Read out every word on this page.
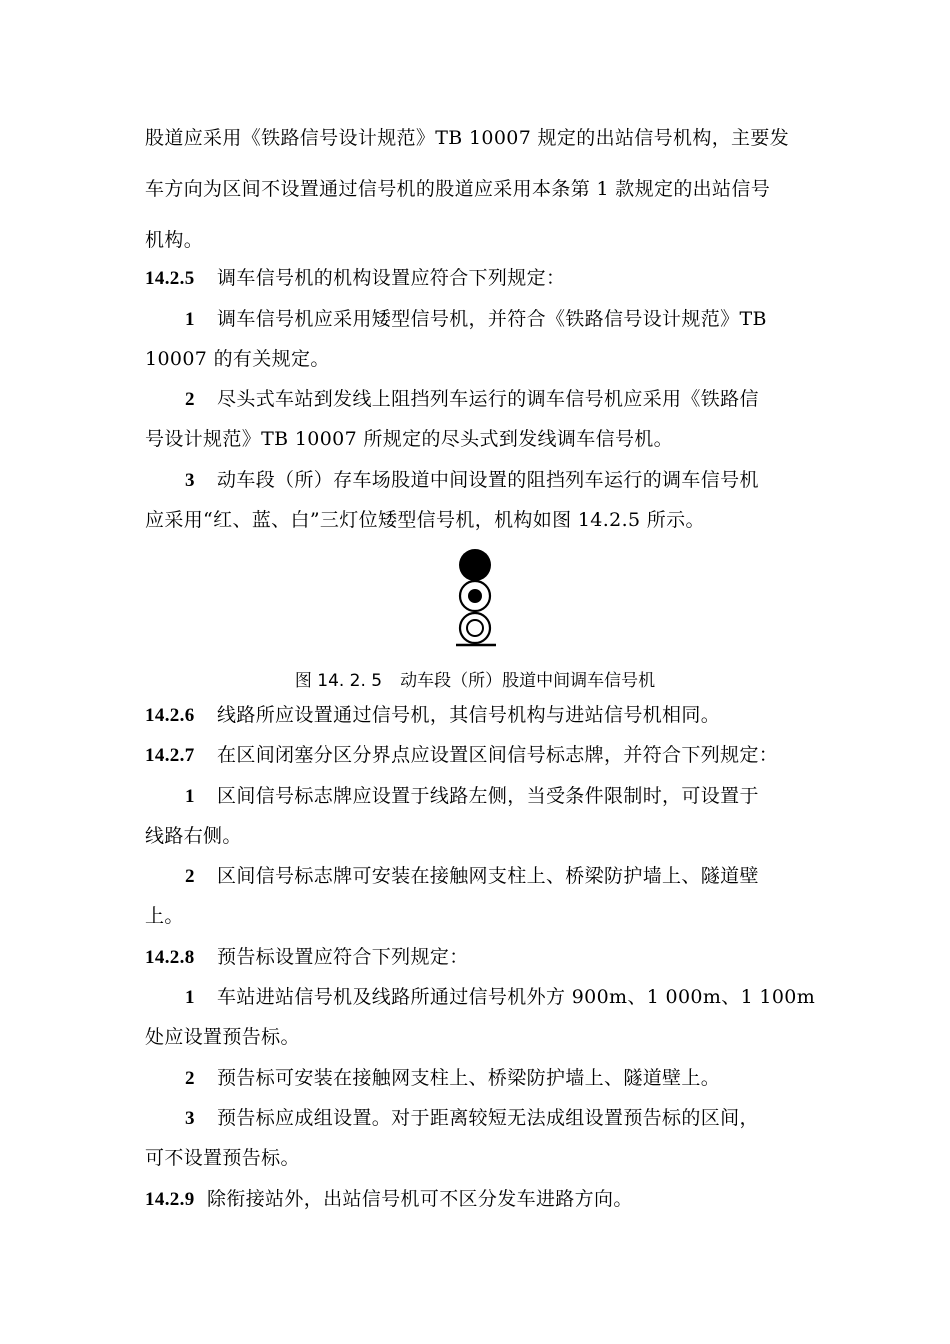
股道应采用《铁路信号设计规范》TB 10007 规定的出站信号机构，主要发
车方向为区间不设置通过信号机的股道应采用本条第 1 款规定的出站信号
机构。
14.2.5 调车信号机的机构设置应符合下列规定：
1 调车信号机应采用矮型信号机，并符合《铁路信号设计规范》TB
10007 的有关规定。
2 尽头式车站到发线上阻挡列车运行的调车信号机应采用《铁路信
号设计规范》TB 10007 所规定的尽头式到发线调车信号机。
3 动车段（所）存车场股道中间设置的阻挡列车运行的调车信号机
应采用“红、蓝、白”三灯位矮型信号机，机构如图 14.2.5 所示。
图 14. 2. 5 动车段（所）股道中间调车信号机
14.2.6 线路所应设置通过信号机，其信号机构与进站信号机相同。
14.2.7 在区间闭塞分区分界点应设置区间信号标志牌，并符合下列规定：
1 区间信号标志牌应设置于线路左侧，当受条件限制时，可设置于
线路右侧。
2 区间信号标志牌可安装在接触网支柱上、桥梁防护墙上、隧道壁
上。
14.2.8 预告标设置应符合下列规定：
1 车站进站信号机及线路所通过信号机外方 900m、1 000m、1 100m
处应设置预告标。
2 预告标可安装在接触网支柱上、桥梁防护墙上、隧道壁上。
3 预告标应成组设置。对于距离较短无法成组设置预告标的区间，
可不设置预告标。
14.2.9 除衔接站外，出站信号机可不区分发车进路方向。
